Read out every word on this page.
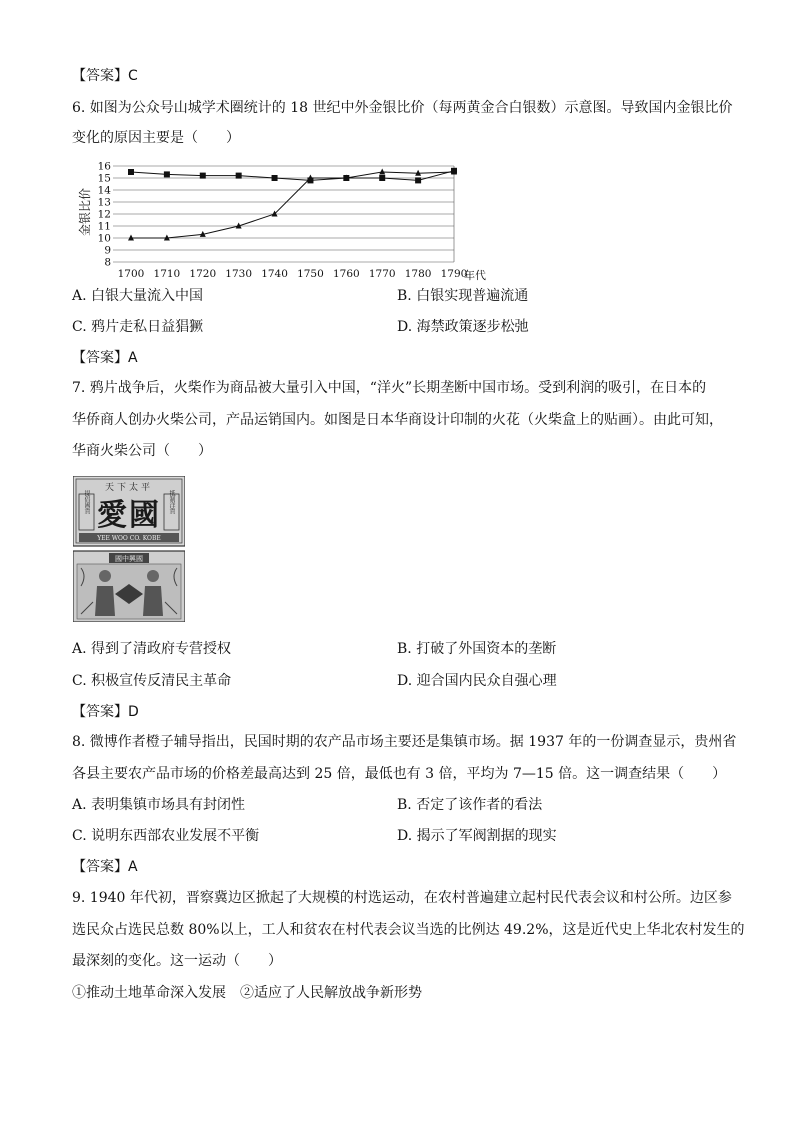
【答案】C
6. 如图为公众号山城学术圈统计的 18 世纪中外金银比价（每两黄金合白银数）示意图。导致国内金银比价
变化的原因主要是（　　）
8
9
10
11
12
13
14
15
16
1700 1710 1720 1730 1740 1750 1760 1770 1780 1790
金银比价
年代
A. 白银大量流入中国	B. 白银实现普遍流通
C. 鸦片走私日益猖獗	D. 海禁政策逐步松弛
【答案】A
7. 鸦片战争后，火柴作为商品被大量引入中国，“洋火”长期垄断中国市场。受到利润的吸引，在日本的
华侨商人创办火柴公司，产品运销国内。如图是日本华商设计印制的火花（火柴盒上的贴画）。由此可知，
华商火柴公司（　　）
天下太平
提倡國貨	抵制洋貨
愛國
YEE WOO CO. KOBE
國中興國
A. 得到了清政府专营授权	B. 打破了外国资本的垄断
C. 积极宣传反清民主革命	D. 迎合国内民众自强心理
【答案】D
8. 微博作者橙子辅导指出，民国时期的农产品市场主要还是集镇市场。据 1937 年的一份调查显示，贵州省
各县主要农产品市场的价格差最高达到 25 倍，最低也有 3 倍，平均为 7—15 倍。这一调查结果（　　）
A. 表明集镇市场具有封闭性	B. 否定了该作者的看法
C. 说明东西部农业发展不平衡	D. 揭示了军阀割据的现实
【答案】A
9. 1940 年代初，晋察冀边区掀起了大规模的村选运动，在农村普遍建立起村民代表会议和村公所。边区参
选民众占选民总数 80%以上，工人和贫农在村代表会议当选的比例达 49.2%，这是近代史上华北农村发生的
最深刻的变化。这一运动（　　）
①推动土地革命深入发展　②适应了人民解放战争新形势
